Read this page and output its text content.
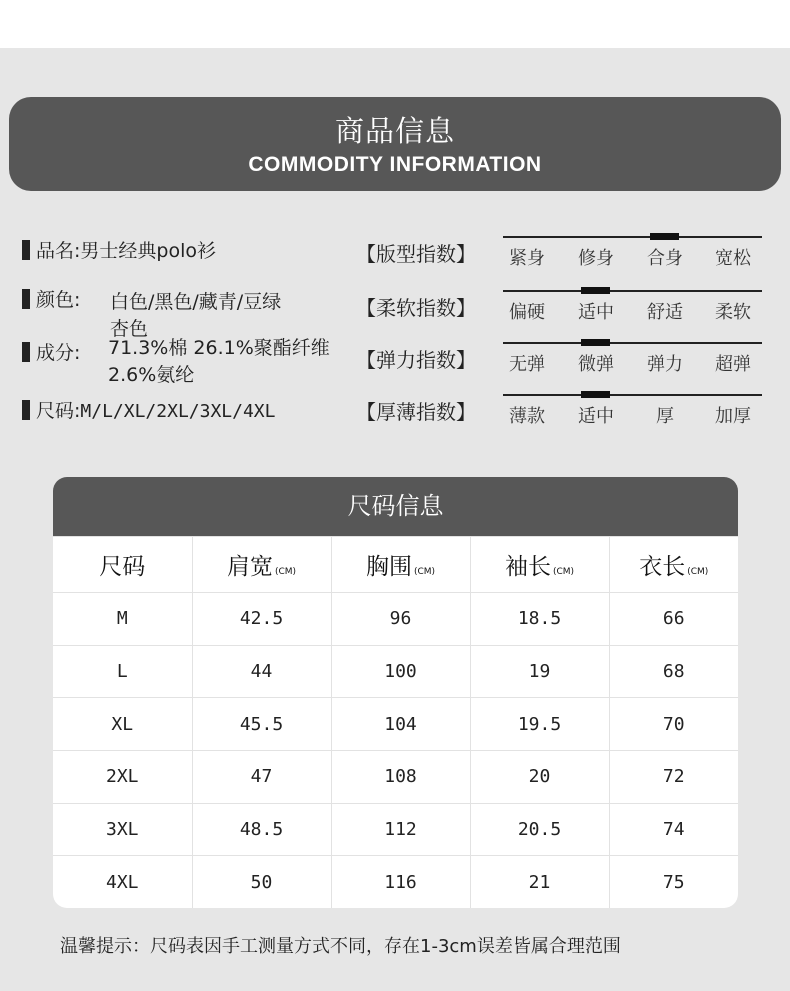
商品信息
COMMODITY INFORMATION
品名:男士经典polo衫
颜色: 白色/黑色/藏青/豆绿
杏色
成分: 71.3%棉 26.1%聚酯纤维
2.6%氨纶
尺码:M/L/XL/2XL/3XL/4XL
【版型指数】	紧身	修身	合身	宽松
【柔软指数】	偏硬	适中	舒适	柔软
【弹力指数】	无弹	微弹	弹力	超弹
【厚薄指数】	薄款	适中	厚	加厚
尺码信息
尺码	肩宽 (CM)	胸围 (CM)	袖长 (CM)	衣长 (CM)
M	42.5	96	18.5	66
L	44	100	19	68
XL	45.5	104	19.5	70
2XL	47	108	20	72
3XL	48.5	112	20.5	74
4XL	50	116	21	75
温馨提示：尺码表因手工测量方式不同，存在1-3cm误差皆属合理范围
